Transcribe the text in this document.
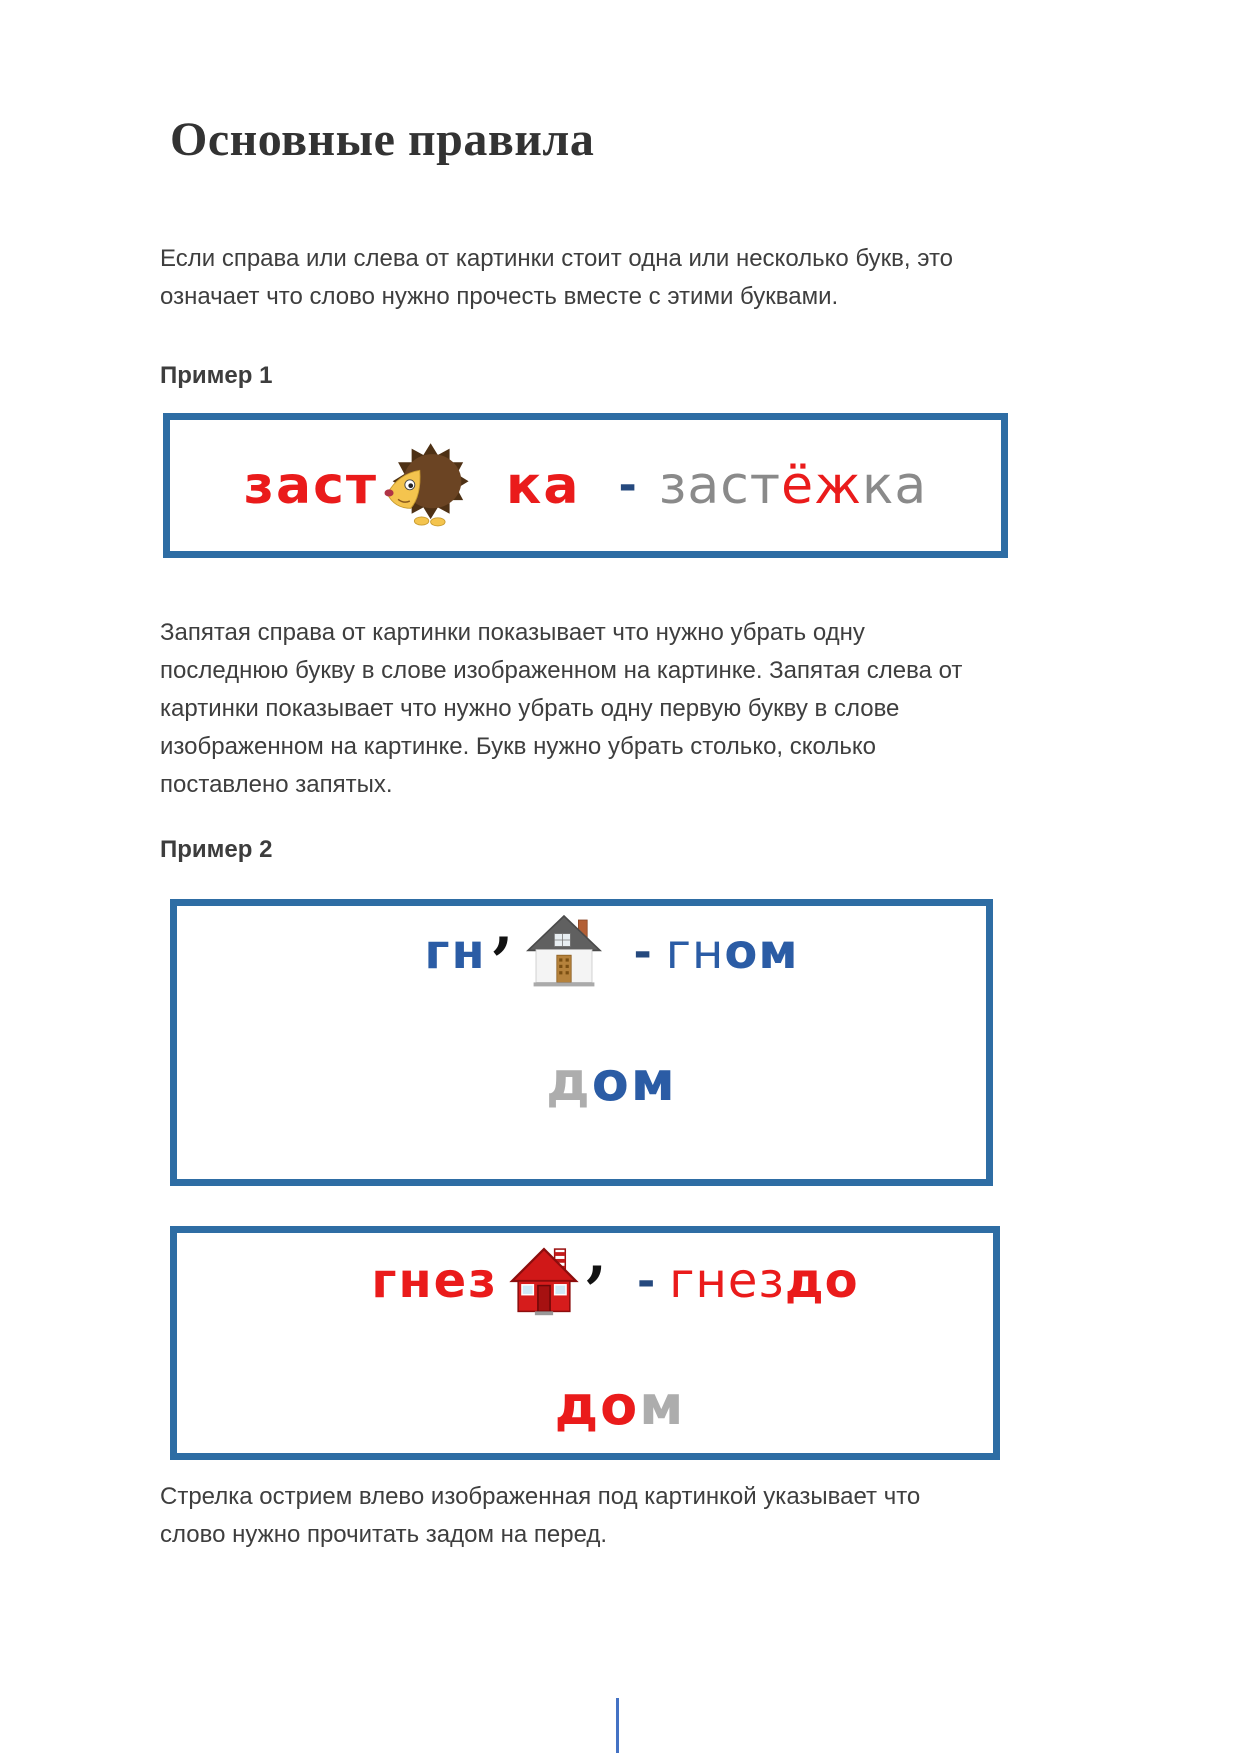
Основные правила

Если справа или слева от картинки стоит одна или несколько букв, это
означает что слово нужно прочесть вместе с этими буквами.

Пример 1
заст ка - застёжка

Запятая справа от картинки показывает что нужно убрать одну
последнюю букву в слове изображенном на картинке. Запятая слева от
картинки показывает что нужно убрать одну первую букву в слове
изображенном на картинке. Букв нужно убрать столько, сколько
поставлено запятых.

Пример 2
гн ,	- гном
дом
гнез , - гнездо
дом

Стрелка острием влево изображенная под картинкой указывает что
слово нужно прочитать задом на перед.
